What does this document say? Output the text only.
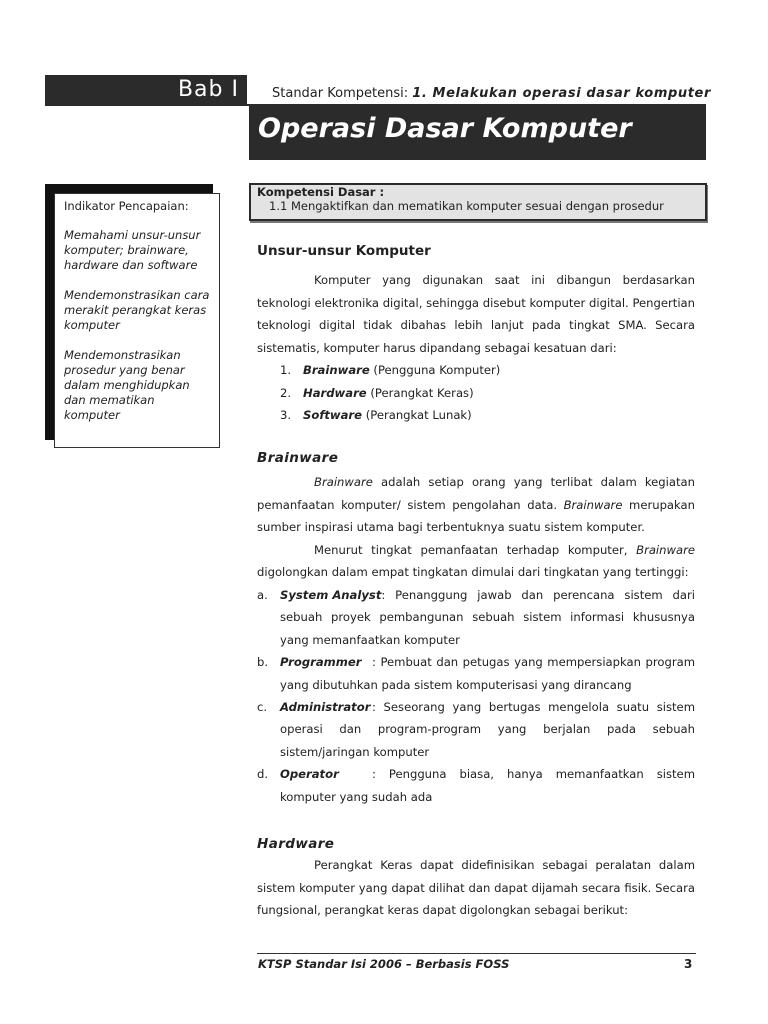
Bab I	Standar Kompetensi: 1. Melakukan operasi dasar komputer
Operasi Dasar Komputer
Indikator Pencapaian:
Memahami unsur-unsur komputer; brainware, hardware dan software
Mendemonstrasikan cara merakit perangkat keras komputer
Mendemonstrasikan prosedur yang benar dalam menghidupkan dan mematikan komputer
Kompetensi Dasar :
1.1 Mengaktifkan dan mematikan komputer sesuai dengan prosedur
Unsur-unsur Komputer

Komputer yang digunakan saat ini dibangun berdasarkan teknologi elektronika digital, sehingga disebut komputer digital. Pengertian teknologi digital tidak dibahas lebih lanjut pada tingkat SMA. Secara sistematis, komputer harus dipandang sebagai kesatuan dari:

1. Brainware (Pengguna Komputer)
2. Hardware (Perangkat Keras)
3. Software (Perangkat Lunak)
Brainware

Brainware adalah setiap orang yang terlibat dalam kegiatan pemanfaatan komputer/ sistem pengolahan data. Brainware merupakan sumber inspirasi utama bagi terbentuknya suatu sistem komputer.

Menurut tingkat pemanfaatan terhadap komputer, Brainware digolongkan dalam empat tingkatan dimulai dari tingkatan yang tertinggi:

a. System Analyst: Penanggung jawab dan perencana sistem dari sebuah proyek pembangunan sebuah sistem informasi khususnya yang memanfaatkan komputer
b. Programmer : Pembuat dan petugas yang mempersiapkan program yang dibutuhkan pada sistem komputerisasi yang dirancang
c. Administrator : Seseorang yang bertugas mengelola suatu sistem operasi dan program-program yang berjalan pada sebuah sistem/jaringan komputer
d. Operator	: Pengguna biasa, hanya memanfaatkan sistem komputer yang sudah ada
Hardware

Perangkat Keras dapat didefinisikan sebagai peralatan dalam sistem komputer yang dapat dilihat dan dapat dijamah secara fisik. Secara fungsional, perangkat keras dapat digolongkan sebagai berikut:

KTSP Standar Isi 2006 – Berbasis FOSS	3
